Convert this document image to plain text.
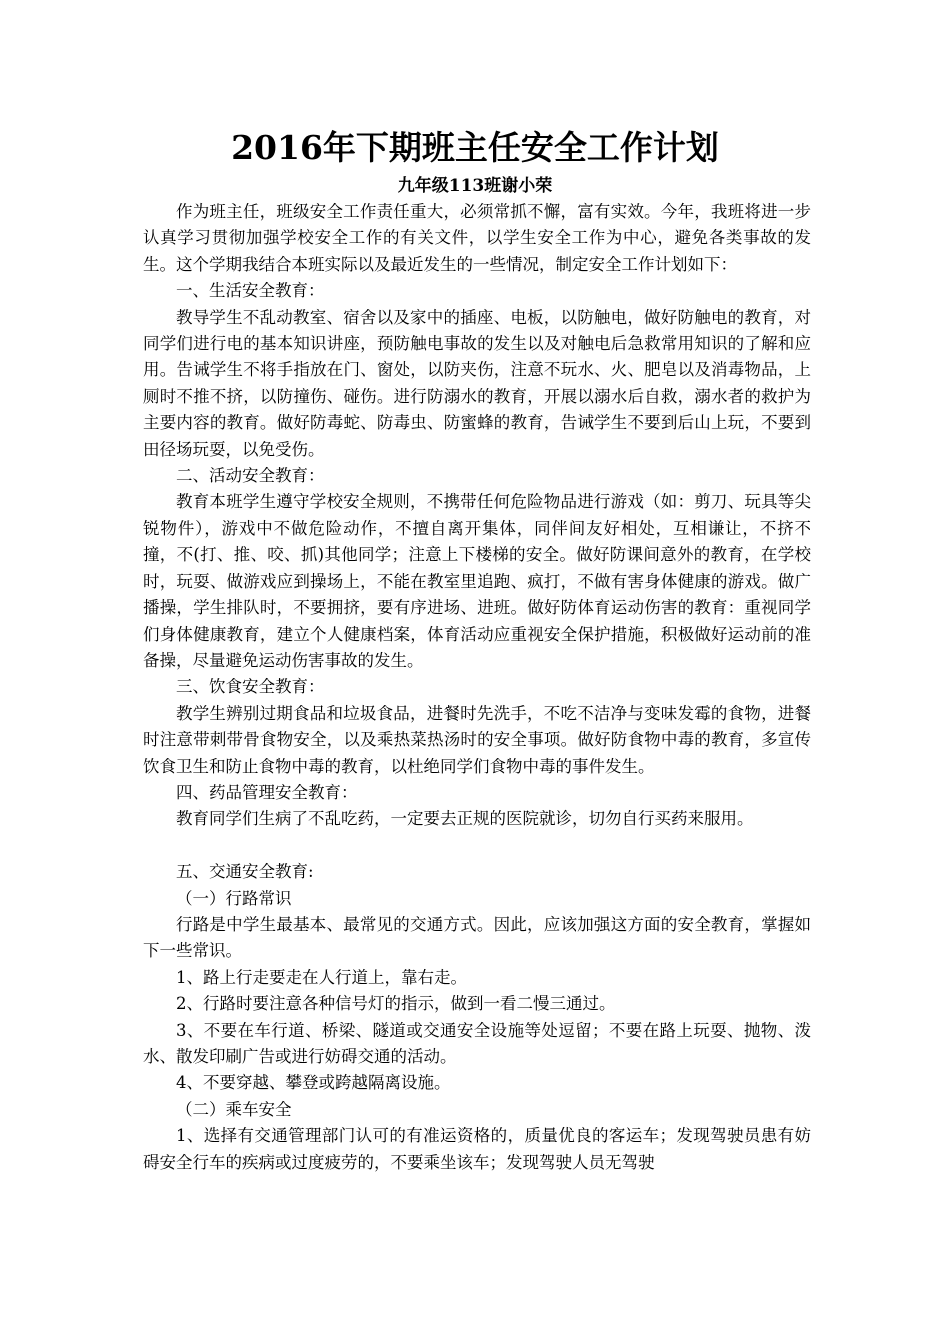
2016年下期班主任安全工作计划
九年级113班谢小荣

作为班主任，班级安全工作责任重大，必须常抓不懈，富有实效。今年，我班将进一步认真学习贯彻加强学校安全工作的有关文件，以学生安全工作为中心，避免各类事故的发生。这个学期我结合本班实际以及最近发生的一些情况，制定安全工作计划如下：

一、生活安全教育：

教导学生不乱动教室、宿舍以及家中的插座、电板，以防触电，做好防触电的教育，对同学们进行电的基本知识讲座，预防触电事故的发生以及对触电后急救常用知识的了解和应用。告诫学生不将手指放在门、窗处，以防夹伤，注意不玩水、火、肥皂以及消毒物品，上厕时不推不挤，以防撞伤、碰伤。进行防溺水的教育，开展以溺水后自救，溺水者的救护为主要内容的教育。做好防毒蛇、防毒虫、防蜜蜂的教育，告诫学生不要到后山上玩，不要到田径场玩耍，以免受伤。

二、活动安全教育：

教育本班学生遵守学校安全规则，不携带任何危险物品进行游戏（如：剪刀、玩具等尖锐物件），游戏中不做危险动作，不擅自离开集体，同伴间友好相处，互相谦让，不挤不撞，不(打、推、咬、抓)其他同学；注意上下楼梯的安全。做好防课间意外的教育，在学校时，玩耍、做游戏应到操场上，不能在教室里追跑、疯打，不做有害身体健康的游戏。做广播操，学生排队时，不要拥挤，要有序进场、进班。做好防体育运动伤害的教育：重视同学们身体健康教育，建立个人健康档案，体育活动应重视安全保护措施，积极做好运动前的准备操，尽量避免运动伤害事故的发生。

三、饮食安全教育：

教学生辨别过期食品和垃圾食品，进餐时先洗手，不吃不洁净与变味发霉的食物，进餐时注意带刺带骨食物安全，以及乘热菜热汤时的安全事项。做好防食物中毒的教育，多宣传饮食卫生和防止食物中毒的教育，以杜绝同学们食物中毒的事件发生。

四、药品管理安全教育：

教育同学们生病了不乱吃药，一定要去正规的医院就诊，切勿自行买药来服用。

五、交通安全教育:

（一）行路常识

行路是中学生最基本、最常见的交通方式。因此，应该加强这方面的安全教育，掌握如下一些常识。

1、路上行走要走在人行道上，靠右走。

2、行路时要注意各种信号灯的指示，做到一看二慢三通过。

3、不要在车行道、桥梁、隧道或交通安全设施等处逗留；不要在路上玩耍、抛物、泼水、散发印刷广告或进行妨碍交通的活动。

4、不要穿越、攀登或跨越隔离设施。

（二）乘车安全

1、选择有交通管理部门认可的有准运资格的，质量优良的客运车；发现驾驶员患有妨碍安全行车的疾病或过度疲劳的，不要乘坐该车；发现驾驶人员无驾驶
